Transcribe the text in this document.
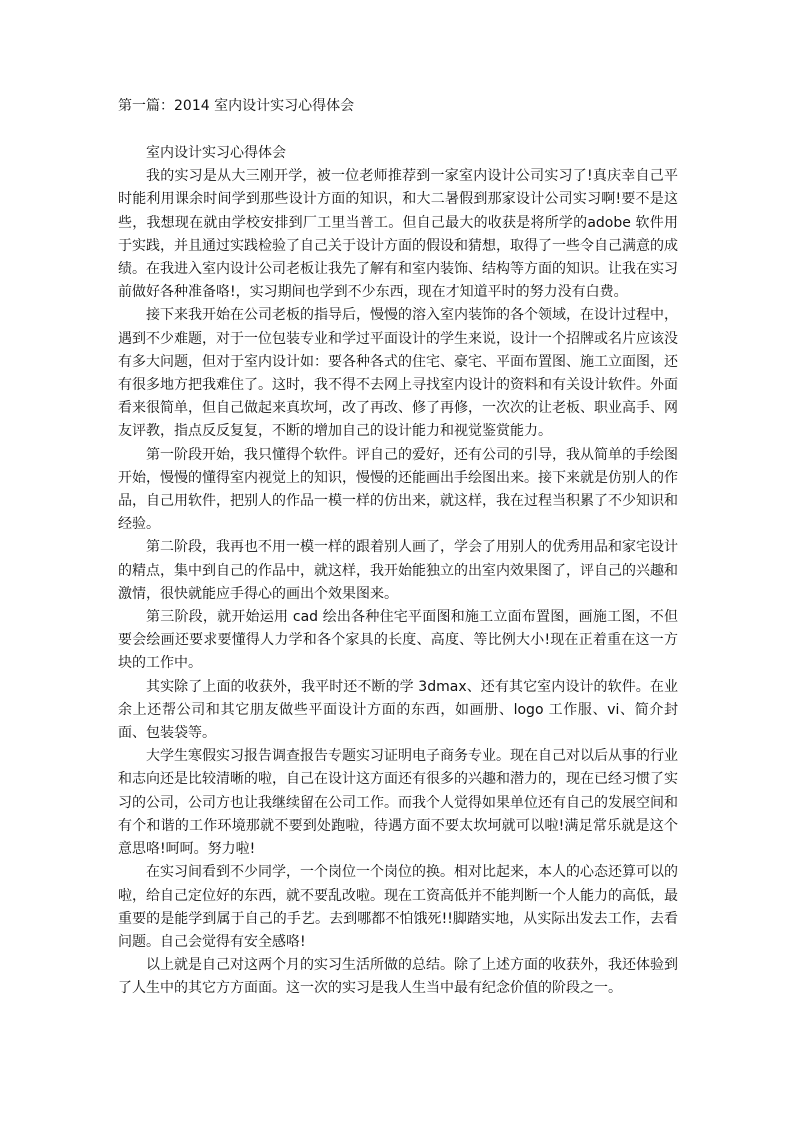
第一篇：2014 室内设计实习心得体会

室内设计实习心得体会

我的实习是从大三刚开学，被一位老师推荐到一家室内设计公司实习了!真庆幸自己平时能利用课余时间学到那些设计方面的知识，和大二暑假到那家设计公司实习啊!要不是这些，我想现在就由学校安排到厂工里当普工。但自己最大的收获是将所学的adobe 软件用于实践，并且通过实践检验了自己关于设计方面的假设和猜想，取得了一些令自己满意的成绩。在我进入室内设计公司老板让我先了解有和室内装饰、结构等方面的知识。让我在实习前做好各种准备咯!，实习期间也学到不少东西，现在才知道平时的努力没有白费。

接下来我开始在公司老板的指导后，慢慢的溶入室内装饰的各个领域，在设计过程中，遇到不少难题，对于一位包装专业和学过平面设计的学生来说，设计一个招牌或名片应该没有多大问题，但对于室内设计如：要各种各式的住宅、豪宅、平面布置图、施工立面图，还有很多地方把我难住了。这时，我不得不去网上寻找室内设计的资料和有关设计软件。外面看来很简单，但自己做起来真坎坷，改了再改、修了再修，一次次的让老板、职业高手、网友评教，指点反反复复，不断的增加自己的设计能力和视觉鉴赏能力。

第一阶段开始，我只懂得个软件。评自己的爱好，还有公司的引导，我从简单的手绘图开始，慢慢的懂得室内视觉上的知识，慢慢的还能画出手绘图出来。接下来就是仿别人的作品，自己用软件，把别人的作品一模一样的仿出来，就这样，我在过程当积累了不少知识和经验。

第二阶段，我再也不用一模一样的跟着别人画了，学会了用别人的优秀用品和家宅设计的精点，集中到自己的作品中，就这样，我开始能独立的出室内效果图了，评自己的兴趣和激情，很快就能应手得心的画出个效果图来。

第三阶段，就开始运用 cad 绘出各种住宅平面图和施工立面布置图，画施工图，不但要会绘画还要求要懂得人力学和各个家具的长度、高度、等比例大小!现在正着重在这一方块的工作中。

其实除了上面的收获外，我平时还不断的学 3dmax、还有其它室内设计的软件。在业余上还帮公司和其它朋友做些平面设计方面的东西，如画册、logo 工作服、vi、简介封面、包装袋等。

大学生寒假实习报告调查报告专题实习证明电子商务专业。现在自己对以后从事的行业和志向还是比较清晰的啦，自己在设计这方面还有很多的兴趣和潜力的，现在已经习惯了实习的公司，公司方也让我继续留在公司工作。而我个人觉得如果单位还有自己的发展空间和有个和谐的工作环境那就不要到处跑啦，待遇方面不要太坎坷就可以啦!满足常乐就是这个意思咯!呵呵。努力啦!

在实习间看到不少同学，一个岗位一个岗位的换。相对比起来，本人的心态还算可以的啦，给自己定位好的东西，就不要乱改啦。现在工资高低并不能判断一个人能力的高低，最重要的是能学到属于自己的手艺。去到哪都不怕饿死!!脚踏实地，从实际出发去工作，去看问题。自己会觉得有安全感咯!

以上就是自己对这两个月的实习生活所做的总结。除了上述方面的收获外，我还体验到了人生中的其它方方面面。这一次的实习是我人生当中最有纪念价值的阶段之一。
